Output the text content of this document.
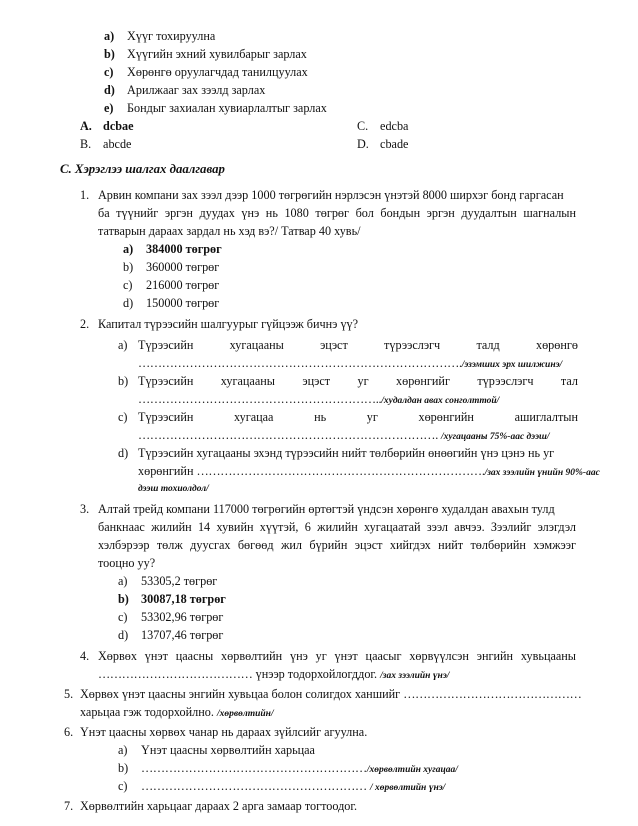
a) Хүүг тохируулна
b) Хүүгийн эхний хувилбарыг зарлах
c) Хөрөнгө оруулагчдад танилцуулах
d) Арилжааг зах зээлд зарлах
e) Бондыг захиалан хувиарлалтыг зарлах
A. dcbae	C. edcba
B. abcde	D. cbade
C. Хэрэглээ шалгах даалгавар
1. Арвин компани зах зээл дээр 1000 төгрөгийн нэрлэсэн үнэтэй 8000 ширхэг бонд гаргасан
ба түүнийг эргэн дуудах үнэ нь 1080 төгрөг бол бондын эргэн дуудалтын шагналын
татварын дараах зардал нь хэд вэ?/ Татвар 40 хувь/
a) 384000 төгрөг
b) 360000 төгрөг
c) 216000 төгрөг
d) 150000 төгрөг
2. Капитал түрээсийн шалгуурыг гүйцээж бичнэ үү?
a) Түрээсийн	хугацааны	эцэст	түрээслэгч	талд	хөрөнгө
………………………………………………………………………./эзэмших эрх шилжинэ/
b) Түрээсийн хугацааны эцэст уг хөрөнгийг түрээслэгч тал
……………………………………………………../худалдан авах сонголттой/
c) Түрээсийн	хугацаа	нь	уг	хөрөнгийн	ашиглалтын
…………………………………………………………………. /хугацааны 75%-аас дээш/
d) Түрээсийн хугацааны эхэнд түрээсийн нийт төлбөрийн өнөөгийн үнэ цэнэ нь уг
хөрөнгийн ………………………………………………………………./зах зээлийн үнийн 90%-аас
дээш тохиолдол/
3. Алтай трейд компани 117000 төгрөгийн өртөгтэй үндсэн хөрөнгө худалдан авахын тулд
банкнаас жилийн 14 хувийн хүүтэй, 6 жилийн хугацаатай зээл авчээ. Зээлийг элэгдэл
хэлбэрээр төлж дуусгах бөгөөд жил бүрийн эцэст хийгдэх нийт төлбөрийн хэмжээг
тооцно уу?
a) 53305,2 төгрөг
b) 30087,18 төгрөг
c) 53302,96 төгрөг
d) 13707,46 төгрөг
4. Хөрвөх үнэт цаасны хөрвөлтийн үнэ уг үнэт цаасыг хөрвүүлсэн энгийн хувьцааны
………………………………… үнээр тодорхойлогддог. /зах зээлийн үнэ/
5. Хөрвөх үнэт цаасны энгийн хувьцаа болон солигдох ханшийг ………………………………………
харьцаа гэж тодорхойлно. /хөрвөлтийн/
6. Үнэт цаасны хөрвөх чанар нь дараах зүйлсийг агуулна.
a) Үнэт цаасны хөрвөлтийн харьцаа
b) …………………………………………………/хөрвөлтийн хугацаа/
c) ………………………………………………… / хөрвөлтийн үнэ/
7. Хөрвөлтийн харьцааг дараах 2 арга замаар тогтоодог.
